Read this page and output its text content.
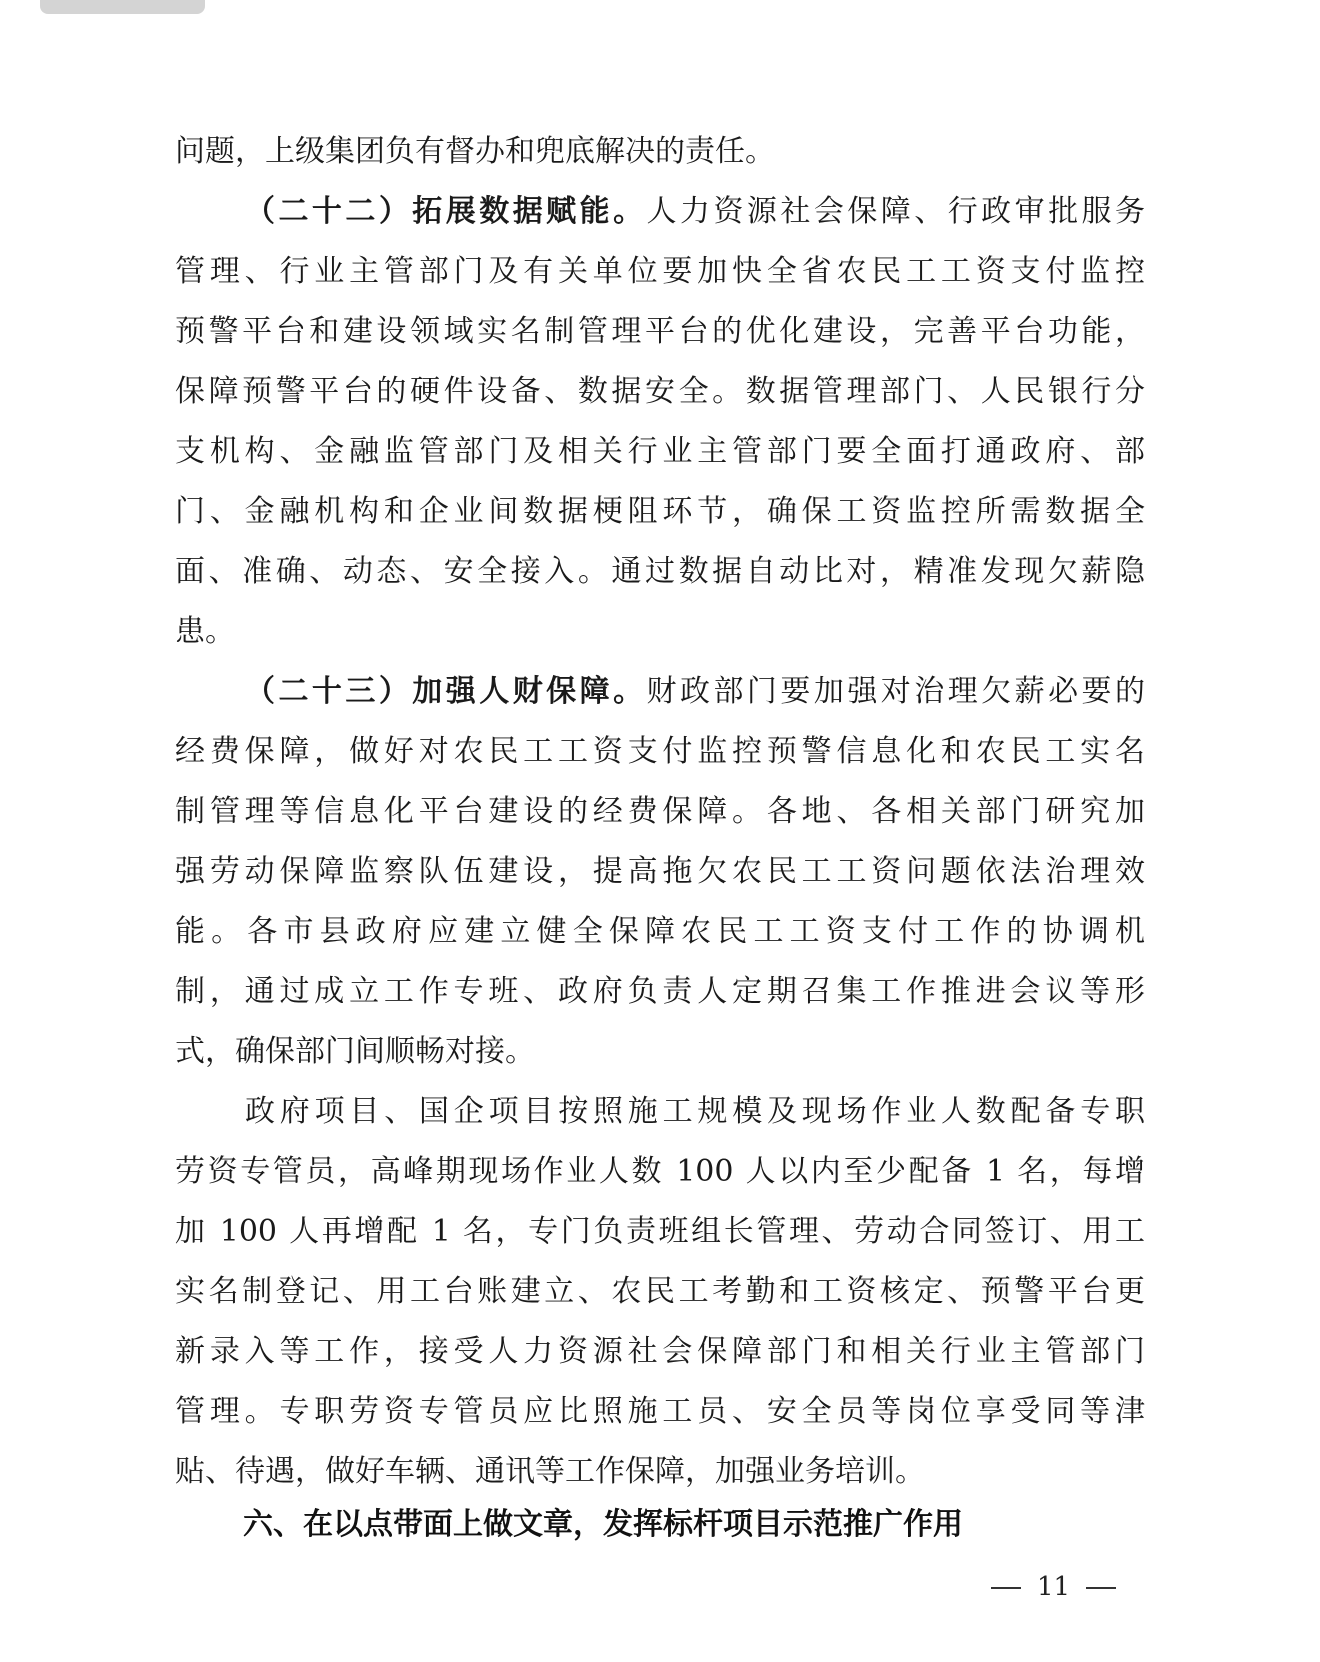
问题，上级集团负有督办和兜底解决的责任。
（二十二）拓展数据赋能。人力资源社会保障、行政审批服务
管理、行业主管部门及有关单位要加快全省农民工工资支付监控
预警平台和建设领域实名制管理平台的优化建设，完善平台功能，
保障预警平台的硬件设备、数据安全。数据管理部门、人民银行分
支机构、金融监管部门及相关行业主管部门要全面打通政府、部
门、金融机构和企业间数据梗阻环节，确保工资监控所需数据全
面、准确、动态、安全接入。通过数据自动比对，精准发现欠薪隐
患。
（二十三）加强人财保障。财政部门要加强对治理欠薪必要的
经费保障，做好对农民工工资支付监控预警信息化和农民工实名
制管理等信息化平台建设的经费保障。各地、各相关部门研究加
强劳动保障监察队伍建设，提高拖欠农民工工资问题依法治理效
能。各市县政府应建立健全保障农民工工资支付工作的协调机
制，通过成立工作专班、政府负责人定期召集工作推进会议等形
式，确保部门间顺畅对接。
政府项目、国企项目按照施工规模及现场作业人数配备专职
劳资专管员，高峰期现场作业人数 100 人以内至少配备 1 名，每增
加 100 人再增配 1 名，专门负责班组长管理、劳动合同签订、用工
实名制登记、用工台账建立、农民工考勤和工资核定、预警平台更
新录入等工作，接受人力资源社会保障部门和相关行业主管部门
管理。专职劳资专管员应比照施工员、安全员等岗位享受同等津
贴、待遇，做好车辆、通讯等工作保障，加强业务培训。
六、在以点带面上做文章，发挥标杆项目示范推广作用
11
